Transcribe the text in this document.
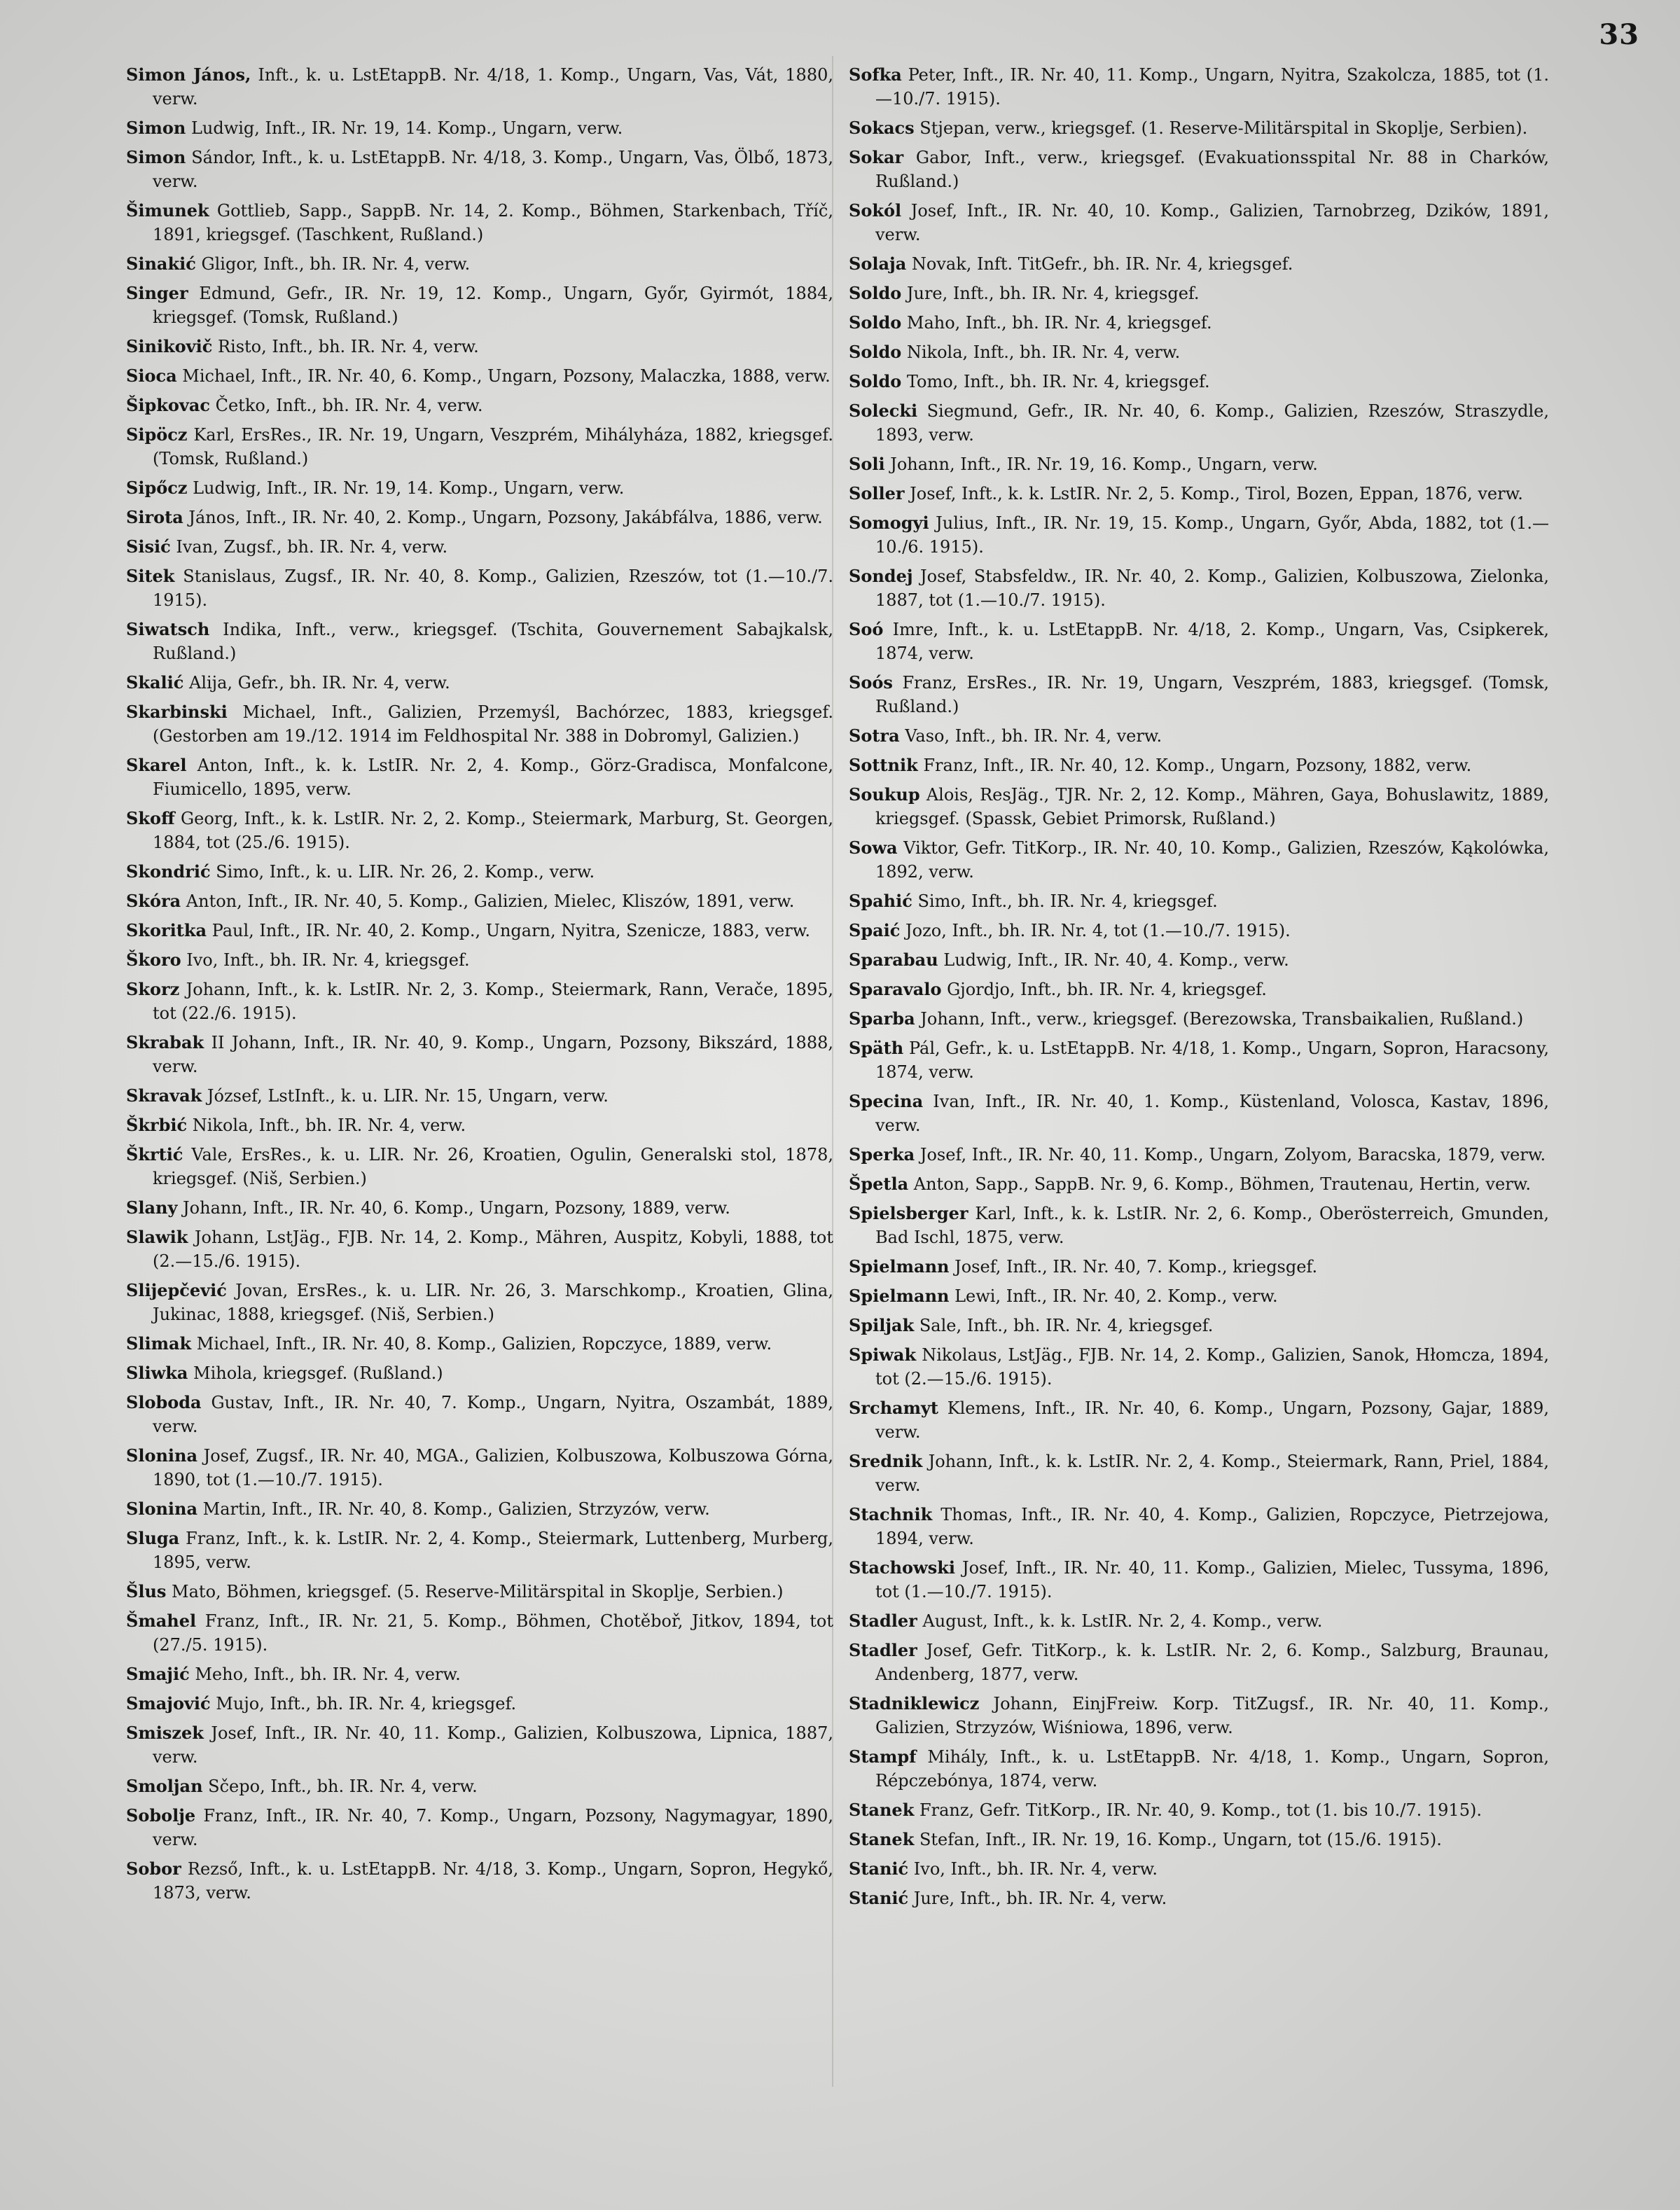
33
Simon János, Inft., k. u. LstEtappB. Nr. 4/18, 1. Komp., Ungarn, Vas, Vát, 1880, verw.
Simon Ludwig, Inft., IR. Nr. 19, 14. Komp., Ungarn, verw.
Simon Sándor, Inft., k. u. LstEtappB. Nr. 4/18, 3. Komp., Ungarn, Vas, Ölbő, 1873, verw.
Šimunek Gottlieb, Sapp., SappB. Nr. 14, 2. Komp., Böhmen, Starkenbach, Tříč, 1891, kriegsgef. (Taschkent, Rußland.)
Sinakić Gligor, Inft., bh. IR. Nr. 4, verw.
Singer Edmund, Gefr., IR. Nr. 19, 12. Komp., Ungarn, Győr, Gyirmót, 1884, kriegsgef. (Tomsk, Rußland.)
Sinikovič Risto, Inft., bh. IR. Nr. 4, verw.
Sioca Michael, Inft., IR. Nr. 40, 6. Komp., Ungarn, Pozsony, Malaczka, 1888, verw.
Šipkovac Četko, Inft., bh. IR. Nr. 4, verw.
Sipöcz Karl, ErsRes., IR. Nr. 19, Ungarn, Veszprém, Mihályháza, 1882, kriegsgef. (Tomsk, Rußland.)
Sipőcz Ludwig, Inft., IR. Nr. 19, 14. Komp., Ungarn, verw.
Sirota János, Inft., IR. Nr. 40, 2. Komp., Ungarn, Pozsony, Jakábfálva, 1886, verw.
Sisić Ivan, Zugsf., bh. IR. Nr. 4, verw.
Sitek Stanislaus, Zugsf., IR. Nr. 40, 8. Komp., Galizien, Rzeszów, tot (1.—10./7. 1915).
Siwatsch Indika, Inft., verw., kriegsgef. (Tschita, Gouvernement Sabajkalsk, Rußland.)
Skalić Alija, Gefr., bh. IR. Nr. 4, verw.
Skarbinski Michael, Inft., Galizien, Przemyśl, Bachórzec, 1883, kriegsgef. (Gestorben am 19./12. 1914 im Feldhospital Nr. 388 in Dobromyl, Galizien.)
Skarel Anton, Inft., k. k. LstIR. Nr. 2, 4. Komp., Görz-Gradisca, Monfalcone, Fiumicello, 1895, verw.
Skoff Georg, Inft., k. k. LstIR. Nr. 2, 2. Komp., Steiermark, Marburg, St. Georgen, 1884, tot (25./6. 1915).
Skondrić Simo, Inft., k. u. LIR. Nr. 26, 2. Komp., verw.
Skóra Anton, Inft., IR. Nr. 40, 5. Komp., Galizien, Mielec, Kliszów, 1891, verw.
Skoritka Paul, Inft., IR. Nr. 40, 2. Komp., Ungarn, Nyitra, Szenicze, 1883, verw.
Škoro Ivo, Inft., bh. IR. Nr. 4, kriegsgef.
Skorz Johann, Inft., k. k. LstIR. Nr. 2, 3. Komp., Steiermark, Rann, Verače, 1895, tot (22./6. 1915).
Skrabak II Johann, Inft., IR. Nr. 40, 9. Komp., Ungarn, Pozsony, Bikszárd, 1888, verw.
Skravak József, LstInft., k. u. LIR. Nr. 15, Ungarn, verw.
Škrbić Nikola, Inft., bh. IR. Nr. 4, verw.
Škrtić Vale, ErsRes., k. u. LIR. Nr. 26, Kroatien, Ogulin, Generalski stol, 1878, kriegsgef. (Niš, Serbien.)
Slany Johann, Inft., IR. Nr. 40, 6. Komp., Ungarn, Pozsony, 1889, verw.
Slawik Johann, LstJäg., FJB. Nr. 14, 2. Komp., Mähren, Auspitz, Kobyli, 1888, tot (2.—15./6. 1915).
Slijepčević Jovan, ErsRes., k. u. LIR. Nr. 26, 3. Marschkomp., Kroatien, Glina, Jukinac, 1888, kriegsgef. (Niš, Serbien.)
Slimak Michael, Inft., IR. Nr. 40, 8. Komp., Galizien, Ropczyce, 1889, verw.
Sliwka Mihola, kriegsgef. (Rußland.)
Sloboda Gustav, Inft., IR. Nr. 40, 7. Komp., Ungarn, Nyitra, Oszambát, 1889, verw.
Slonina Josef, Zugsf., IR. Nr. 40, MGA., Galizien, Kolbuszowa, Kolbuszowa Górna, 1890, tot (1.—10./7. 1915).
Slonina Martin, Inft., IR. Nr. 40, 8. Komp., Galizien, Strzyzów, verw.
Sluga Franz, Inft., k. k. LstIR. Nr. 2, 4. Komp., Steiermark, Luttenberg, Murberg, 1895, verw.
Šlus Mato, Böhmen, kriegsgef. (5. Reserve-Militärspital in Skoplje, Serbien.)
Šmahel Franz, Inft., IR. Nr. 21, 5. Komp., Böhmen, Chotěboř, Jitkov, 1894, tot (27./5. 1915).
Smajić Meho, Inft., bh. IR. Nr. 4, verw.
Smajović Mujo, Inft., bh. IR. Nr. 4, kriegsgef.
Smiszek Josef, Inft., IR. Nr. 40, 11. Komp., Galizien, Kolbuszowa, Lipnica, 1887, verw.
Smoljan Sčepo, Inft., bh. IR. Nr. 4, verw.
Sobolje Franz, Inft., IR. Nr. 40, 7. Komp., Ungarn, Pozsony, Nagymagyar, 1890, verw.
Sobor Rezső, Inft., k. u. LstEtappB. Nr. 4/18, 3. Komp., Ungarn, Sopron, Hegykő, 1873, verw.
Sofka Peter, Inft., IR. Nr. 40, 11. Komp., Ungarn, Nyitra, Szakolcza, 1885, tot (1.—10./7. 1915).
Sokacs Stjepan, verw., kriegsgef. (1. Reserve-Militärspital in Skoplje, Serbien).
Sokar Gabor, Inft., verw., kriegsgef. (Evakuationsspital Nr. 88 in Charków, Rußland.)
Sokól Josef, Inft., IR. Nr. 40, 10. Komp., Galizien, Tarnobrzeg, Dzików, 1891, verw.
Solaja Novak, Inft. TitGefr., bh. IR. Nr. 4, kriegsgef.
Soldo Jure, Inft., bh. IR. Nr. 4, kriegsgef.
Soldo Maho, Inft., bh. IR. Nr. 4, kriegsgef.
Soldo Nikola, Inft., bh. IR. Nr. 4, verw.
Soldo Tomo, Inft., bh. IR. Nr. 4, kriegsgef.
Solecki Siegmund, Gefr., IR. Nr. 40, 6. Komp., Galizien, Rzeszów, Straszydle, 1893, verw.
Soli Johann, Inft., IR. Nr. 19, 16. Komp., Ungarn, verw.
Soller Josef, Inft., k. k. LstIR. Nr. 2, 5. Komp., Tirol, Bozen, Eppan, 1876, verw.
Somogyi Julius, Inft., IR. Nr. 19, 15. Komp., Ungarn, Győr, Abda, 1882, tot (1.—10./6. 1915).
Sondej Josef, Stabsfeldw., IR. Nr. 40, 2. Komp., Galizien, Kolbuszowa, Zielonka, 1887, tot (1.—10./7. 1915).
Soó Imre, Inft., k. u. LstEtappB. Nr. 4/18, 2. Komp., Ungarn, Vas, Csipkerek, 1874, verw.
Soós Franz, ErsRes., IR. Nr. 19, Ungarn, Veszprém, 1883, kriegsgef. (Tomsk, Rußland.)
Sotra Vaso, Inft., bh. IR. Nr. 4, verw.
Sottnik Franz, Inft., IR. Nr. 40, 12. Komp., Ungarn, Pozsony, 1882, verw.
Soukup Alois, ResJäg., TJR. Nr. 2, 12. Komp., Mähren, Gaya, Bohuslawitz, 1889, kriegsgef. (Spassk, Gebiet Primorsk, Rußland.)
Sowa Viktor, Gefr. TitKorp., IR. Nr. 40, 10. Komp., Galizien, Rzeszów, Kąkolówka, 1892, verw.
Spahić Simo, Inft., bh. IR. Nr. 4, kriegsgef.
Spaić Jozo, Inft., bh. IR. Nr. 4, tot (1.—10./7. 1915).
Sparabau Ludwig, Inft., IR. Nr. 40, 4. Komp., verw.
Sparavalo Gjordjo, Inft., bh. IR. Nr. 4, kriegsgef.
Sparba Johann, Inft., verw., kriegsgef. (Berezowska, Transbaikalien, Rußland.)
Späth Pál, Gefr., k. u. LstEtappB. Nr. 4/18, 1. Komp., Ungarn, Sopron, Haracsony, 1874, verw.
Specina Ivan, Inft., IR. Nr. 40, 1. Komp., Küstenland, Volosca, Kastav, 1896, verw.
Sperka Josef, Inft., IR. Nr. 40, 11. Komp., Ungarn, Zolyom, Baracska, 1879, verw.
Špetla Anton, Sapp., SappB. Nr. 9, 6. Komp., Böhmen, Trautenau, Hertin, verw.
Spielsberger Karl, Inft., k. k. LstIR. Nr. 2, 6. Komp., Oberösterreich, Gmunden, Bad Ischl, 1875, verw.
Spielmann Josef, Inft., IR. Nr. 40, 7. Komp., kriegsgef.
Spielmann Lewi, Inft., IR. Nr. 40, 2. Komp., verw.
Spiljak Sale, Inft., bh. IR. Nr. 4, kriegsgef.
Spiwak Nikolaus, LstJäg., FJB. Nr. 14, 2. Komp., Galizien, Sanok, Hłomcza, 1894, tot (2.—15./6. 1915).
Srchamyt Klemens, Inft., IR. Nr. 40, 6. Komp., Ungarn, Pozsony, Gajar, 1889, verw.
Srednik Johann, Inft., k. k. LstIR. Nr. 2, 4. Komp., Steiermark, Rann, Priel, 1884, verw.
Stachnik Thomas, Inft., IR. Nr. 40, 4. Komp., Galizien, Ropczyce, Pietrzejowa, 1894, verw.
Stachowski Josef, Inft., IR. Nr. 40, 11. Komp., Galizien, Mielec, Tussyma, 1896, tot (1.—10./7. 1915).
Stadler August, Inft., k. k. LstIR. Nr. 2, 4. Komp., verw.
Stadler Josef, Gefr. TitKorp., k. k. LstIR. Nr. 2, 6. Komp., Salzburg, Braunau, Andenberg, 1877, verw.
Stadniklewicz Johann, EinjFreiw. Korp. TitZugsf., IR. Nr. 40, 11. Komp., Galizien, Strzyzów, Wiśniowa, 1896, verw.
Stampf Mihály, Inft., k. u. LstEtappB. Nr. 4/18, 1. Komp., Ungarn, Sopron, Répczebónya, 1874, verw.
Stanek Franz, Gefr. TitKorp., IR. Nr. 40, 9. Komp., tot (1. bis 10./7. 1915).
Stanek Stefan, Inft., IR. Nr. 19, 16. Komp., Ungarn, tot (15./6. 1915).
Stanić Ivo, Inft., bh. IR. Nr. 4, verw.
Stanić Jure, Inft., bh. IR. Nr. 4, verw.
